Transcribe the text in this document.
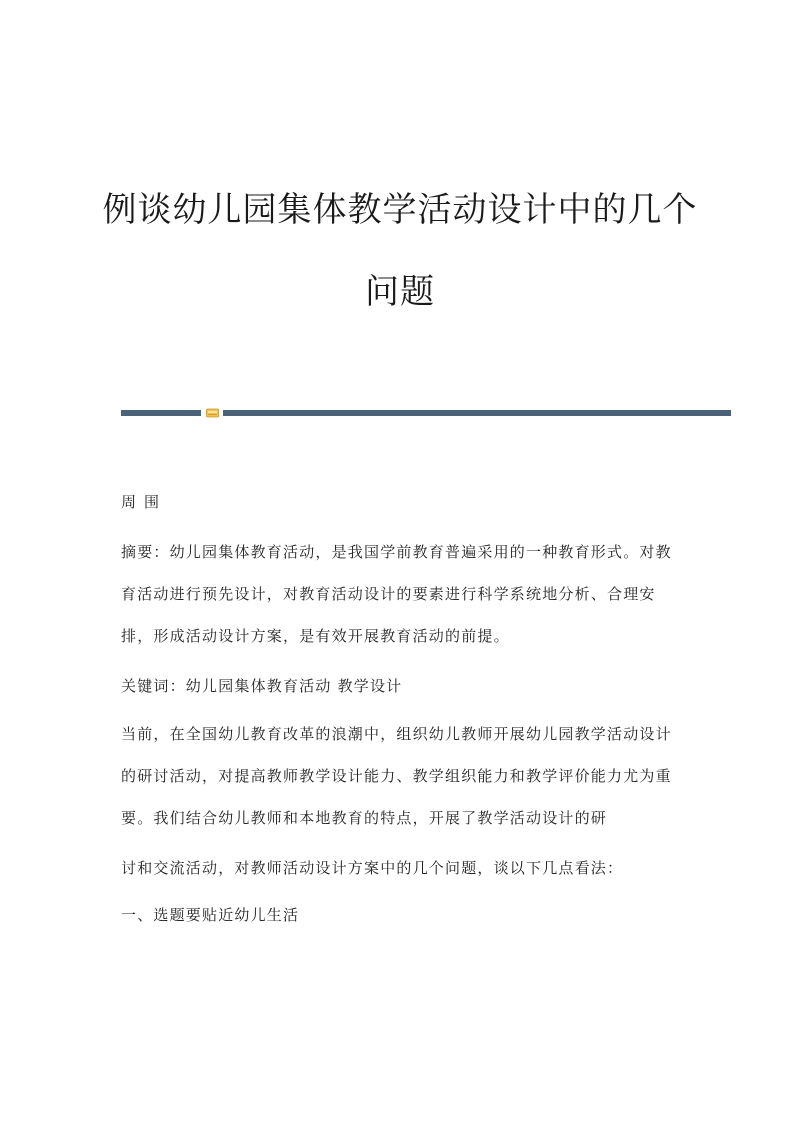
例谈幼儿园集体教学活动设计中的几个
问题
周围
摘要：幼儿园集体教育活动，是我国学前教育普遍采用的一种教育形式。对教
育活动进行预先设计，对教育活动设计的要素进行科学系统地分析、合理安
排，形成活动设计方案，是有效开展教育活动的前提。
关键词：幼儿园集体教育活动 教学设计
当前，在全国幼儿教育改革的浪潮中，组织幼儿教师开展幼儿园教学活动设计
的研讨活动，对提高教师教学设计能力、教学组织能力和教学评价能力尤为重
要。我们结合幼儿教师和本地教育的特点，开展了教学活动设计的研
讨和交流活动，对教师活动设计方案中的几个问题，谈以下几点看法：
一、选题要贴近幼儿生活
